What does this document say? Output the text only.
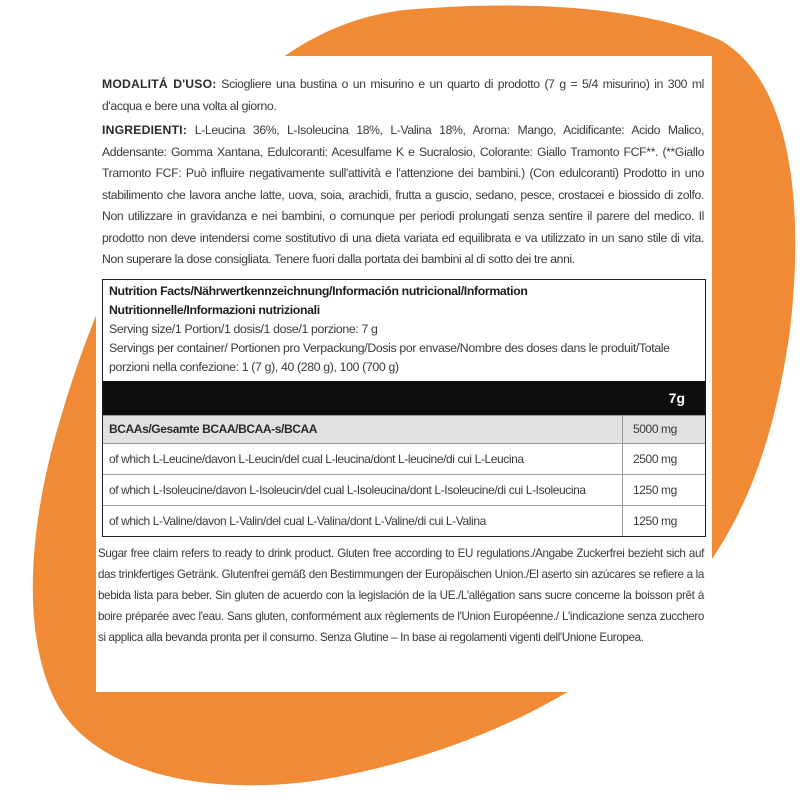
MODALITÁ D'USO: Sciogliere una bustina o un misurino e un quarto di prodotto (7 g = 5/4 misurino) in 300 ml d'acqua e bere una volta al giorno.

INGREDIENTI: L-Leucina 36%, L-Isoleucina 18%, L-Valina 18%, Aroma: Mango, Acidificante: Acido Malico, Addensante: Gomma Xantana, Edulcoranti: Acesulfame K e Sucralosio, Colorante: Giallo Tramonto FCF**. (**Giallo Tramonto FCF: Può influire negativamente sull'attività e l'attenzione dei bambini.) (Con edulcoranti) Prodotto in uno stabilimento che lavora anche latte, uova, soia, arachidi, frutta a guscio, sedano, pesce, crostacei e biossido di zolfo. Non utilizzare in gravidanza e nei bambini, o comunque per periodi prolungati senza sentire il parere del medico. Il prodotto non deve intendersi come sostitutivo di una dieta variata ed equilibrata e va utilizzato in un sano stile di vita. Non superare la dose consigliata. Tenere fuori dalla portata dei bambini al di sotto dei tre anni.

Nutrition Facts/Nährwertkennzeichnung/Información nutricional/Information
Nutritionnelle/Informazioni nutrizionali
Serving size/1 Portion/1 dosis/1 dose/1 porzione: 7 g
Servings per container/ Portionen pro Verpackung/Dosis por envase/Nombre des doses dans le produit/Totale
porzioni nella confezione: 1 (7 g), 40 (280 g), 100 (700 g)
7g
BCAAs/Gesamte BCAA/BCAA-s/BCAA	5000 mg
of which L-Leucine/davon L-Leucin/del cual L-leucina/dont L-leucine/di cui L-Leucina	2500 mg
of which L-Isoleucine/davon L-Isoleucin/del cual L-Isoleucina/dont L-Isoleucine/di cui L-Isoleucina	1250 mg
of which L-Valine/davon L-Valin/del cual L-Valina/dont L-Valine/di cui L-Valina	1250 mg

Sugar free claim refers to ready to drink product. Gluten free according to EU regulations./Angabe Zuckerfrei bezieht sich auf das trinkfertiges Getränk. Glutenfrei gemäß den Bestimmungen der Europäischen Union./El aserto sin azúcares se refiere a la bebida lista para beber. Sin gluten de acuerdo con la legislación de la UE./L'allégation sans sucre concerne la boisson prêt à boire préparée avec l'eau. Sans gluten, conformément aux règlements de l'Union Européenne./ L'indicazione senza zucchero si applica alla bevanda pronta per il consumo. Senza Glutine – In base ai regolamenti vigenti dell'Unione Europea.
